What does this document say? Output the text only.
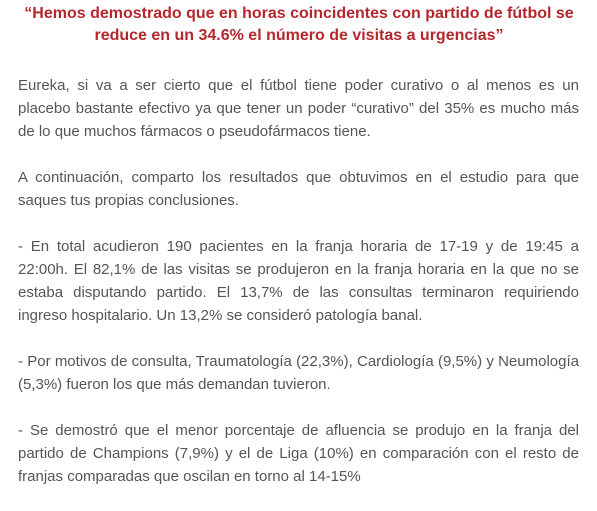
“Hemos demostrado que en horas coincidentes con partido de fútbol se
reduce en un 34.6% el número de visitas a urgencias”

Eureka, si va a ser cierto que el fútbol tiene poder curativo o al menos es un placebo bastante efectivo ya que tener un poder “curativo” del 35% es mucho más de lo que muchos fármacos o pseudofármacos tiene.

A continuación, comparto los resultados que obtuvimos en el estudio para que saques tus propias conclusiones.

- En total acudieron 190 pacientes en la franja horaria de 17-19 y de 19:45 a 22:00h. El 82,1% de las visitas se produjeron en la franja horaria en la que no se estaba disputando partido. El 13,7% de las consultas terminaron requiriendo ingreso hospitalario. Un 13,2% se consideró patología banal.

- Por motivos de consulta, Traumatología (22,3%), Cardiología (9,5%) y Neumología (5,3%) fueron los que más demandan tuvieron.

- Se demostró que el menor porcentaje de afluencia se produjo en la franja del partido de Champions (7,9%) y el de Liga (10%) en comparación con el resto de franjas comparadas que oscilan en torno al 14-15%
